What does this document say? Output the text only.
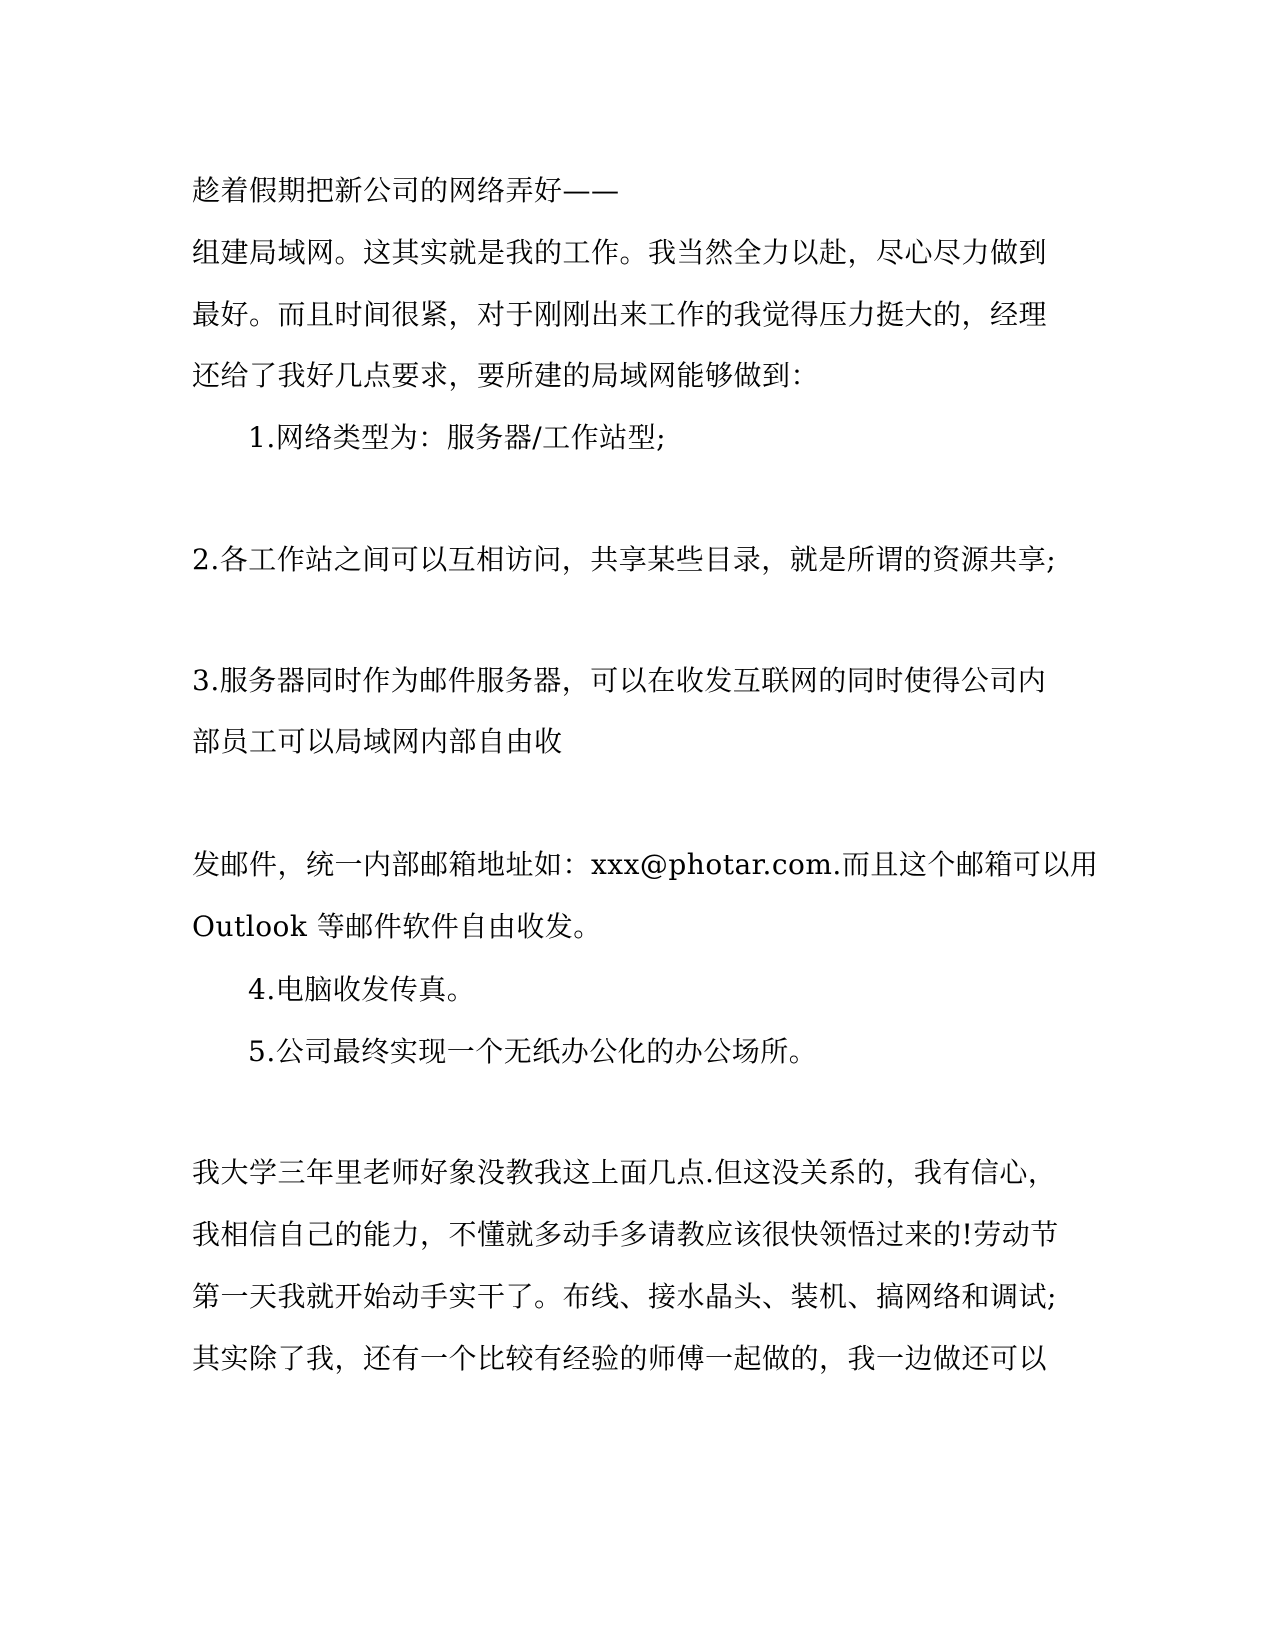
趁着假期把新公司的网络弄好——
组建局域网。这其实就是我的工作。我当然全力以赴，尽心尽力做到
最好。而且时间很紧，对于刚刚出来工作的我觉得压力挺大的，经理
还给了我好几点要求，要所建的局域网能够做到：
1.网络类型为：服务器/工作站型;
2.各工作站之间可以互相访问，共享某些目录，就是所谓的资源共享;
3.服务器同时作为邮件服务器，可以在收发互联网的同时使得公司内
部员工可以局域网内部自由收
发邮件，统一内部邮箱地址如：xxx@photar.com.而且这个邮箱可以用
Outlook 等邮件软件自由收发。
4.电脑收发传真。
5.公司最终实现一个无纸办公化的办公场所。
我大学三年里老师好象没教我这上面几点.但这没关系的，我有信心，
我相信自己的能力，不懂就多动手多请教应该很快领悟过来的!劳动节
第一天我就开始动手实干了。布线、接水晶头、装机、搞网络和调试;
其实除了我，还有一个比较有经验的师傅一起做的，我一边做还可以
